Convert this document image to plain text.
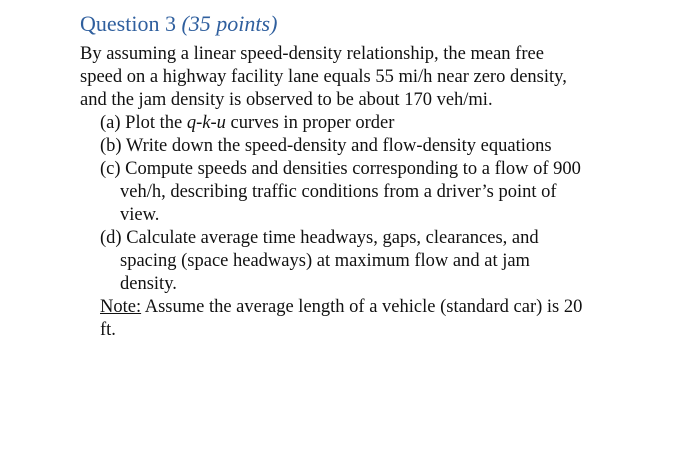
Question 3 (35 points)
By assuming a linear speed-density relationship, the mean free
speed on a highway facility lane equals 55 mi/h near zero density,
and the jam density is observed to be about 170 veh/mi.
(a) Plot the q-k-u curves in proper order
(b) Write down the speed-density and flow-density equations
(c) Compute speeds and densities corresponding to a flow of 900
veh/h, describing traffic conditions from a driver’s point of
view.
(d) Calculate average time headways, gaps, clearances, and
spacing (space headways) at maximum flow and at jam
density.
Note: Assume the average length of a vehicle (standard car) is 20
ft.
